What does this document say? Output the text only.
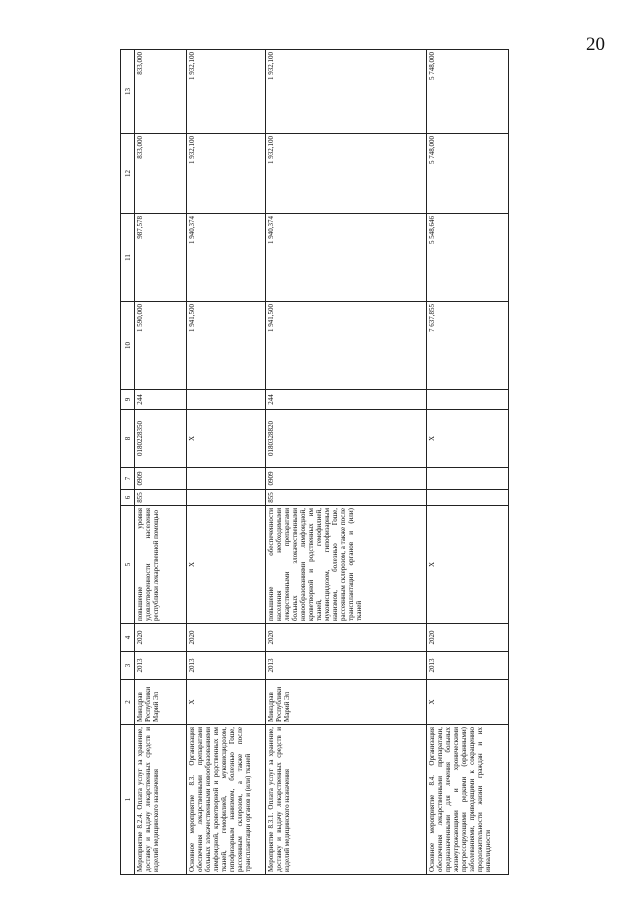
20
1	2	3	4	5	6	7	8	9	10	11	12	13
Мероприятие 8.2.4. Оплата услуг за хранение, доставку и выдачу лекарственных средств и изделий медицинского назначения	Минздрав Республики Марий Эл	2013	2020	повышение уровня удовлетворенности населения республики лекарственной помощью	855	0909	0180228350	244	1 590,000	987,578	833,000	833,000
Основное мероприятие 8.3. Организация обеспечения лекарственными препаратами больных злокачественными новообразованиями лимфоидной, кроветворной и родственных им тканей, гемофилией, муковисцидозом, гипофизарным нанизмом, болезнью Гоше, рассеянным склерозом, а также после трансплантации органов и (или) тканей	X	2013	2020	X			X		1 941,500	1 940,374	1 932,100	1 932,100
Мероприятие 8.3.1. Оплата услуг за хранение, доставку и выдачу лекарственных средств и изделий медицинского назначения	Минздрав Республики Марий Эл	2013	2020	повышение обеспеченности населения необходимыми лекарственными препаратами больных злокачественными новообразованиями лимфоидной, кроветворной и родственных им тканей, гемофилией, муковисцидозом, гипофизарным нанизмом, болезнью Гоше, рассеянным склерозом, а также после трансплантации органов и (или) тканей	855	0909	0180328820	244	1 941,500	1 940,374	1 932,100	1 932,100
Основное мероприятие 8.4. Организация обеспечения лекарственными препаратами, предназначенными для лечения больных жизнеугрожающими и хроническими прогрессирующими редкими (орфанными) заболеваниями, приводящими к сокращению продолжительности жизни граждан и их инвалидности	X	2013	2020	X			X		7 637,855	5 548,646	5 748,000	5 748,000
